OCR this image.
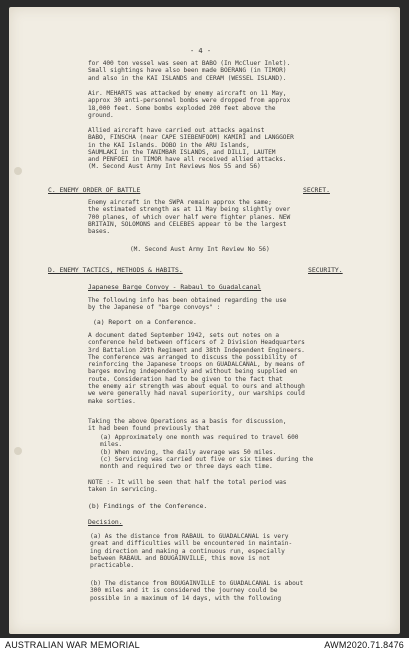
- 4 -

for 400 ton vessel was seen at BABO (In McCluer Inlet).

Small sightings have also been made BOERANG (in TIMOR)

and also in the KAI ISLANDS and CERAM (WESSEL ISLAND).

Air. MEHARTS was attacked by enemy aircraft on 11 May,

approx 30 anti-personnel bombs were dropped from approx

18,000 feet. Some bombs exploded 200 feet above the

ground.

Allied aircraft have carried out attacks against

BABO, FINSCHA (near CAPE SIEBENFOOM) KAMIRI and LANGGOER

in the KAI Islands. DOBO in the ARU Islands,

SAUMLAKI in the TANIMBAR ISLANDS, and DILLI, LAUTEM

and PENFOEI in TIMOR have all received allied attacks.

(M. Second Aust Army Int Reviews Nos 55 and 56)

C. ENEMY ORDER OF BATTLE	SECRET.

Enemy aircraft in the SWPA remain approx the same;

the estimated strength as at 11 May being slightly over

700 planes, of which over half were fighter planes. NEW

BRITAIN, SOLOMONS and CELEBES appear to be the largest

bases.

(M. Second Aust Army Int Review No 56)
D. ENEMY TACTICS, METHODS & HABITS.	SECURITY.
Japanese Barge Convoy - Rabaul to Guadalcanal

The following info has been obtained regarding the use

by the Japanese of "barge convoys" :

(a) Report on a Conference.

A document dated September 1942, sets out notes on a

conference held between officers of 2 Division Headquarters

3rd Battalion 29th Regiment and 38th Independent Engineers.

The conference was arranged to discuss the possibility of

reinforcing the Japanese troops on GUADALCANAL, by means of

barges moving independently and without being supplied en

route. Consideration had to be given to the fact that

the enemy air strength was about equal to ours and although

we were generally had naval superiority, our warships could

make sorties.

Taking the above Operations as a basis for discussion,

it had been found previously that

(a) Approximately one month was required to travel 600

miles.

(b) When moving, the daily average was 50 miles.

(c) Servicing was carried out five or six times during the

month and required two or three days each time.

NOTE :- It will be seen that half the total period was

taken in servicing.

(b) Findings of the Conference.
Decision.

(a) As the distance from RABAUL to GUADALCANAL is very

great and difficulties will be encountered in maintain-

ing direction and making a continuous run, especially

between RABAUL and BOUGAINVILLE, this move is not

practicable.

(b) The distance from BOUGAINVILLE to GUADALCANAL is about

300 miles and it is considered the journey could be

possible in a maximum of 14 days, with the following

AUSTRALIAN WAR MEMORIAL	AWM2020.71.8476
